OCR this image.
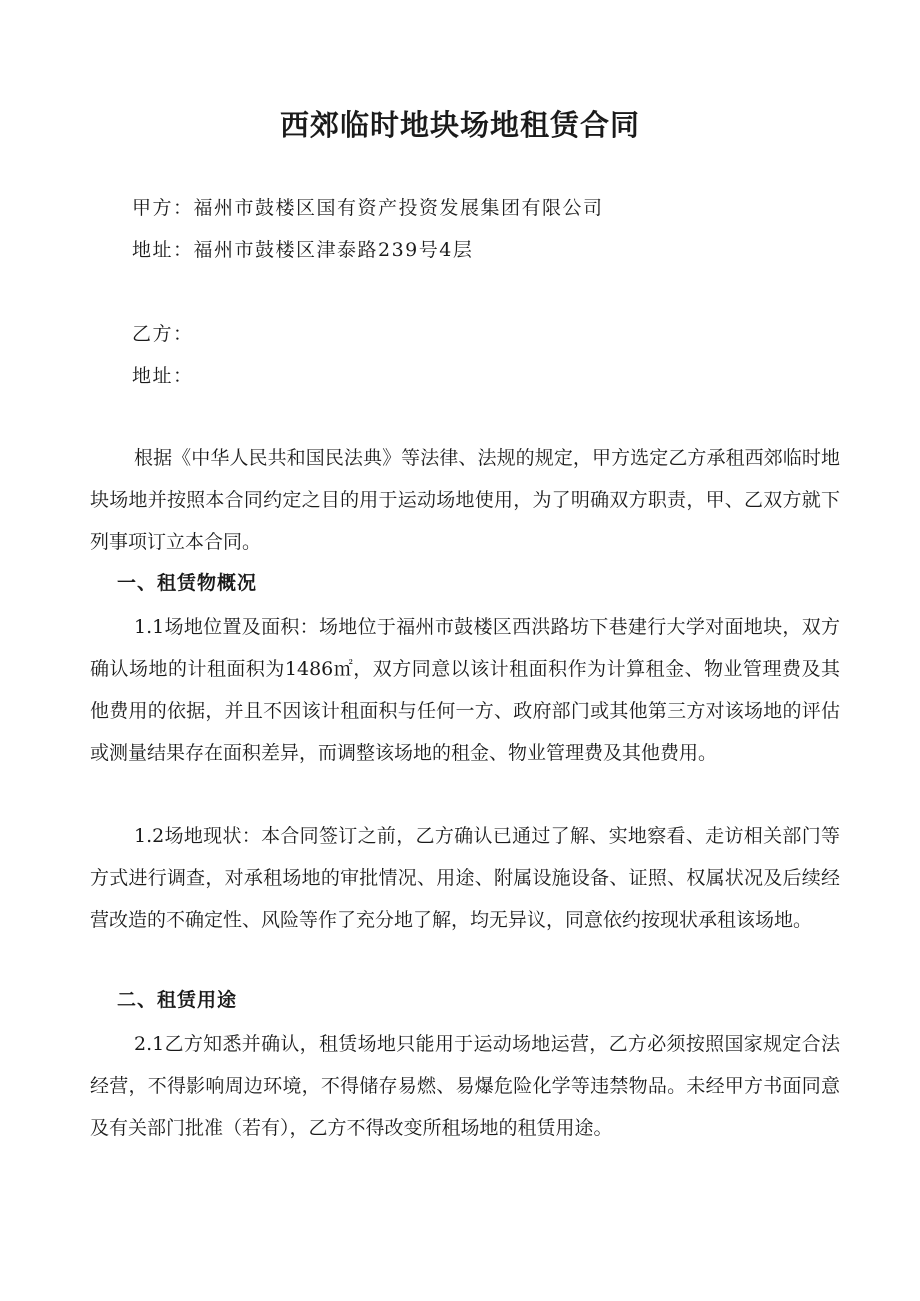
西郊临时地块场地租赁合同
甲方：福州市鼓楼区国有资产投资发展集团有限公司
地址：福州市鼓楼区津泰路239号4层
乙方：
地址：

根据《中华人民共和国民法典》等法律、法规的规定，甲方选定乙方承租西郊临时地块场地并按照本合同约定之目的用于运动场地使用，为了明确双方职责，甲、乙双方就下列事项订立本合同。

一、租赁物概况

1.1场地位置及面积：场地位于福州市鼓楼区西洪路坊下巷建行大学对面地块，双方确认场地的计租面积为1486㎡，双方同意以该计租面积作为计算租金、物业管理费及其他费用的依据，并且不因该计租面积与任何一方、政府部门或其他第三方对该场地的评估或测量结果存在面积差异，而调整该场地的租金、物业管理费及其他费用。

1.2场地现状：本合同签订之前，乙方确认已通过了解、实地察看、走访相关部门等方式进行调查，对承租场地的审批情况、用途、附属设施设备、证照、权属状况及后续经营改造的不确定性、风险等作了充分地了解，均无异议，同意依约按现状承租该场地。

二、租赁用途

2.1乙方知悉并确认，租赁场地只能用于运动场地运营，乙方必须按照国家规定合法经营，不得影响周边环境，不得储存易燃、易爆危险化学等违禁物品。未经甲方书面同意及有关部门批准（若有），乙方不得改变所租场地的租赁用途。
